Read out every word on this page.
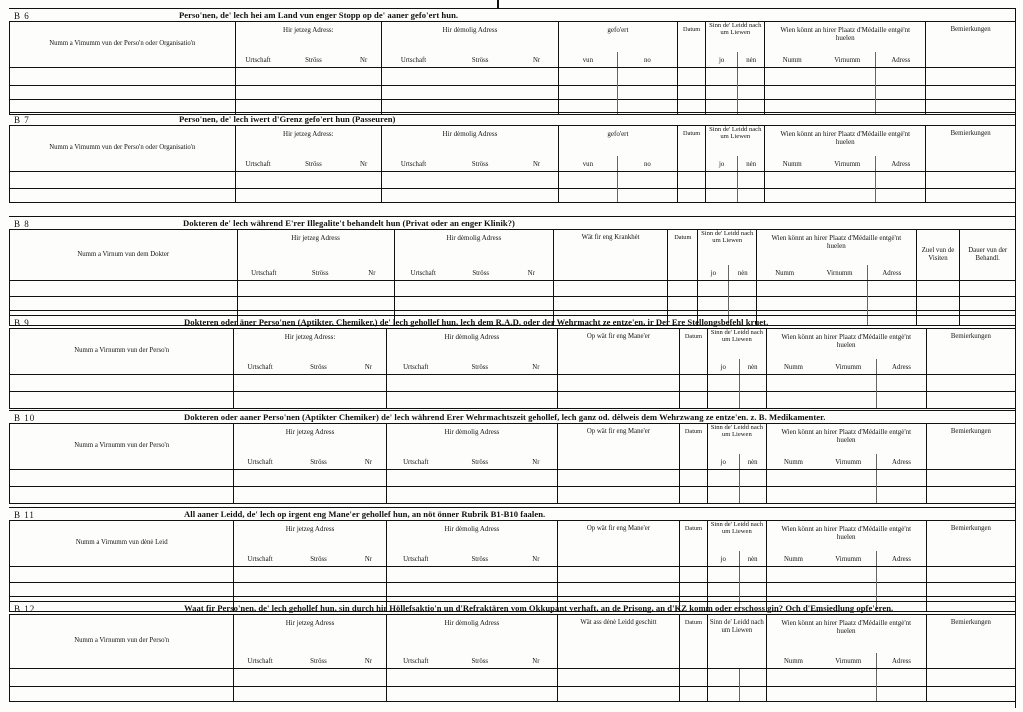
B 6	Perso'nen, de' lech hei am Land vun enger Stopp op de' aaner gefo'ert hun.
Numm a Vimumm vun der Perso'n oder Organisatio'n	Hir jetzeg Adress:			Hir dėmolig Adress			gefo'ert		Datum	Sinn de' Leidd nach um Liewen		Wien könnt an hirer Plaatz d'Médaille entgė'nt huelen			Bemierkungen
	Urtschaft	Ströss	Nr	Urtschaft	Ströss	Nr	vun	no		jo	nėn	Numm	Virnumm	Adress	

B 7	Perso'nen, de' lech iwert d'Grenz gefo'ert hun (Passeuren)
Numm a Vimumm vun der Perso'n oder Organisatio'n	Hir jetzeg Adress:			Hir dėmolig Adress			gefo'ert		Datum	Sinn de' Leidd nach um Liewen		Wien könnt an hirer Plaatz d'Médaille entgė'nt huelen			Bemierkungen
	Urtschaft	Ströss	Nr	Urtschaft	Ströss	Nr	vun	no		jo	nėn	Numm	Virnumm	Adress	

B 8	Dokteren de' lech während E'rer Illegalite't behandelt hun (Privat oder an enger Klinik?)
Numm a Virnum vun dem Dokter	Hir jetzeg Adress			Hir dėmolig Adress			Wät fir eng Krankhėt	Datum	Sinn de' Leidd nach um Liewen		Wien könnt an hirer Plaatz d'Médaille entgė'nt huelen			Zuel vun de Visiten	Dauer vun der Behandl.
	Urtschaft	Ströss	Nr	Urtschaft	Ströss	Nr			jo	nėn	Numm	Virnumm	Adress		

B 9	Dokteren oder äner Perso'nen (Aptikter, Chemiker,) de' lech gehollef hun, lech dem R.A.D. oder der Wehrmacht ze entze'en, ir Der Ere Stellongsbefehl kruet.
Numm a Virnumm vun der Perso'n	Hir jetzeg Adress:			Hir dėmolig Adress			Op wät fir eng Mane'er	Datum	Sinn de' Leidd nach um Liewen		Wien könnt an hirer Plaatz d'Médaille entgė'nt huelen			Bemierkungen
	Urtschaft	Ströss	Nr	Urtschaft	Ströss	Nr			jo	nėn	Numm	Virnumm	Adress	

B 10	Dokteren oder aaner Perso'nen (Aptikter Chemiker) de' lech während Erer Wehrmachtszeit gehollef, lech ganz od. dėlweis dem Wehrzwang ze entze'en. z. B. Medikamenter.
Numm a Virnumm vun der Perso'n	Hir jetzeg Adress			Hir dėmolig Adress			Op wät fir eng Mane'er	Datum	Sinn de' Leidd nach um Liewen		Wien könnt an hirer Plaatz d'Médaille entgė'nt huelen			Bemierkungen
	Urtschaft	Ströss	Nr	Urtschaft	Ströss	Nr			jo	nėn	Numm	Virnumm	Adress	

B 11	All aaner Leidd, de' lech op irgent eng Mane'er gehollef hun, an nöt önner Rubrik B1-B10 faalen.
Numm a Virnumm vun dėnė Leid	Hir jetzeg Adress			Hir dėmolig Adress			Op wät fir eng Mane'er	Datum	Sinn de' Leidd nach um Liewen		Wien könnt an hirer Plaatz d'Médaille entgė'nt huelen			Bemierkungen
	Urtschaft	Ströss	Nr	Urtschaft	Ströss	Nr			jo	nėn	Numm	Virnumm	Adress	

B 12	Waat fir Perso'nen, de' lech gehollef hun, sin durch hir Höllefsaktio'n un d'Refraktären vom Okkupant verhaft, an de Prisong, an d'KZ komm oder erschoss gin? Och d'Emsiedlung opfe'eren.
Numm a Virnumm vun der Perso'n	Hir jetzeg Adress			Hir dėmolig Adress			Wät ass dėnė Leidd geschitt	Datum	Sinn de' Leidd nach um Liewen		Wien könnt an hirer Plaatz d'Médaille entgė'nt huelen			Bemierkungen
	Urtschaft	Ströss	Nr	Urtschaft	Ströss	Nr					Numm	Virnumm	Adress	
